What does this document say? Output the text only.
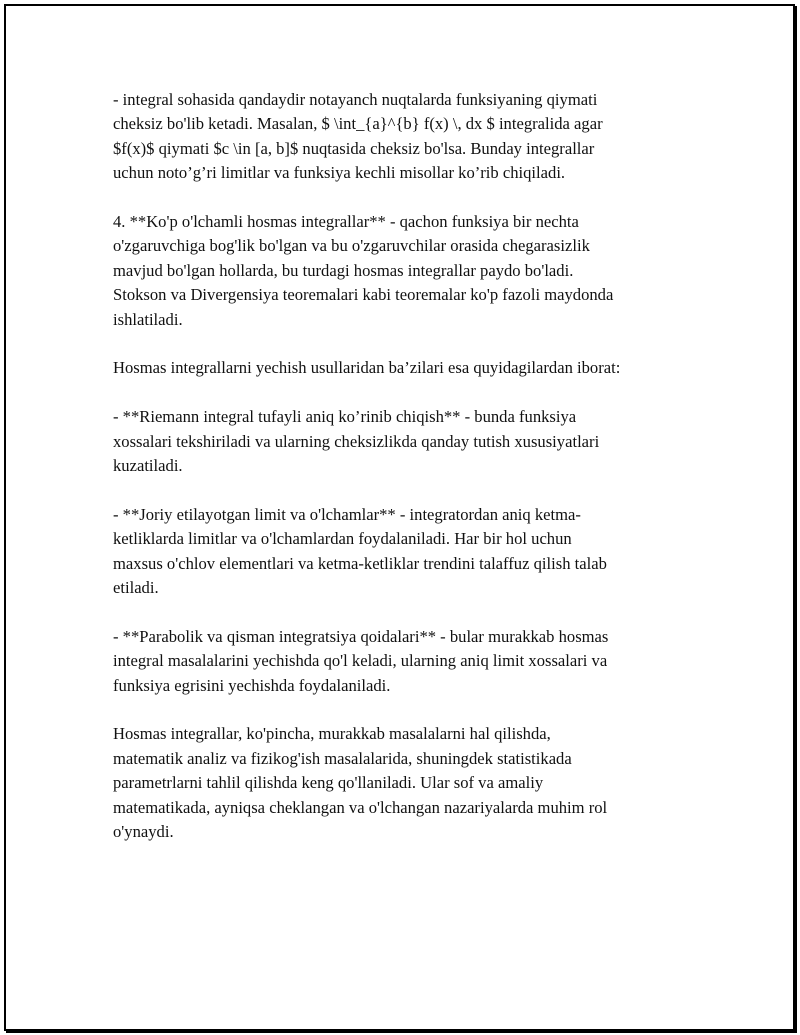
- integral sohasida qandaydir notayanch nuqtalarda funksiyaning qiymati
cheksiz bo'lib ketadi. Masalan, $ \int_{a}^{b} f(x) \, dx $ integralida agar
$f(x)$ qiymati $c \in [a, b]$ nuqtasida cheksiz bo'lsa. Bunday integrallar
uchun noto’g’ri limitlar va funksiya kechli misollar ko’rib chiqiladi.

4. **Ko'p o'lchamli hosmas integrallar** - qachon funksiya bir nechta
o'zgaruvchiga bog'lik bo'lgan va bu o'zgaruvchilar orasida chegarasizlik
mavjud bo'lgan hollarda, bu turdagi hosmas integrallar paydo bo'ladi.
Stokson va Divergensiya teoremalari kabi teoremalar ko'p fazoli maydonda
ishlatiladi.

Hosmas integrallarni yechish usullaridan ba’zilari esa quyidagilardan iborat:

- **Riemann integral tufayli aniq ko’rinib chiqish** - bunda funksiya
xossalari tekshiriladi va ularning cheksizlikda qanday tutish xususiyatlari
kuzatiladi.

- **Joriy etilayotgan limit va o'lchamlar** - integratordan aniq ketma-
ketliklarda limitlar va o'lchamlardan foydalaniladi. Har bir hol uchun
maxsus o'chlov elementlari va ketma-ketliklar trendini talaffuz qilish talab
etiladi.

- **Parabolik va qisman integratsiya qoidalari** - bular murakkab hosmas
integral masalalarini yechishda qo'l keladi, ularning aniq limit xossalari va
funksiya egrisini yechishda foydalaniladi.

Hosmas integrallar, ko'pincha, murakkab masalalarni hal qilishda,
matematik analiz va fizikog'ish masalalarida, shuningdek statistikada
parametrlarni tahlil qilishda keng qo'llaniladi. Ular sof va amaliy
matematikada, ayniqsa cheklangan va o'lchangan nazariyalarda muhim rol
o'ynaydi.
